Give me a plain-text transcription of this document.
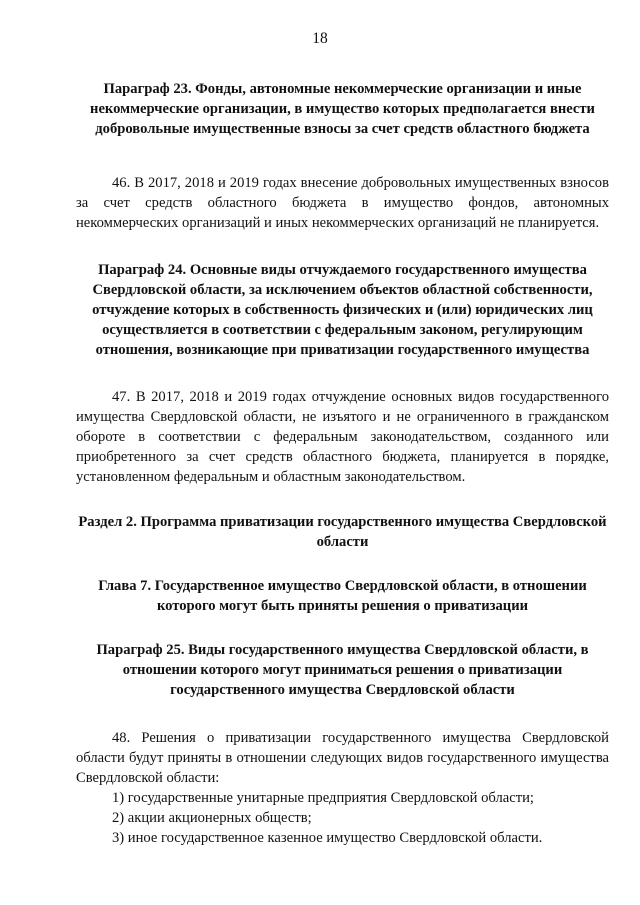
18

Параграф 23. Фонды, автономные некоммерческие организации и иные некоммерческие организации, в имущество которых предполагается внести добровольные имущественные взносы за счет средств областного бюджета

46. В 2017, 2018 и 2019 годах внесение добровольных имущественных взносов за счет средств областного бюджета в имущество фондов, автономных некоммерческих организаций и иных некоммерческих организаций не планируется.

Параграф 24. Основные виды отчуждаемого государственного имущества Свердловской области, за исключением объектов областной собственности, отчуждение которых в собственность физических и (или) юридических лиц осуществляется в соответствии с федеральным законом, регулирующим отношения, возникающие при приватизации государственного имущества

47. В 2017, 2018 и 2019 годах отчуждение основных видов государственного имущества Свердловской области, не изъятого и не ограниченного в гражданском обороте в соответствии с федеральным законодательством, созданного или приобретенного за счет средств областного бюджета, планируется в порядке, установленном федеральным и областным законодательством.

Раздел 2. Программа приватизации государственного имущества Свердловской области

Глава 7. Государственное имущество Свердловской области, в отношении которого могут быть приняты решения о приватизации

Параграф 25. Виды государственного имущества Свердловской области, в отношении которого могут приниматься решения о приватизации государственного имущества Свердловской области

48. Решения о приватизации государственного имущества Свердловской области будут приняты в отношении следующих видов государственного имущества Свердловской области:

1) государственные унитарные предприятия Свердловской области;

2) акции акционерных обществ;

3) иное государственное казенное имущество Свердловской области.
